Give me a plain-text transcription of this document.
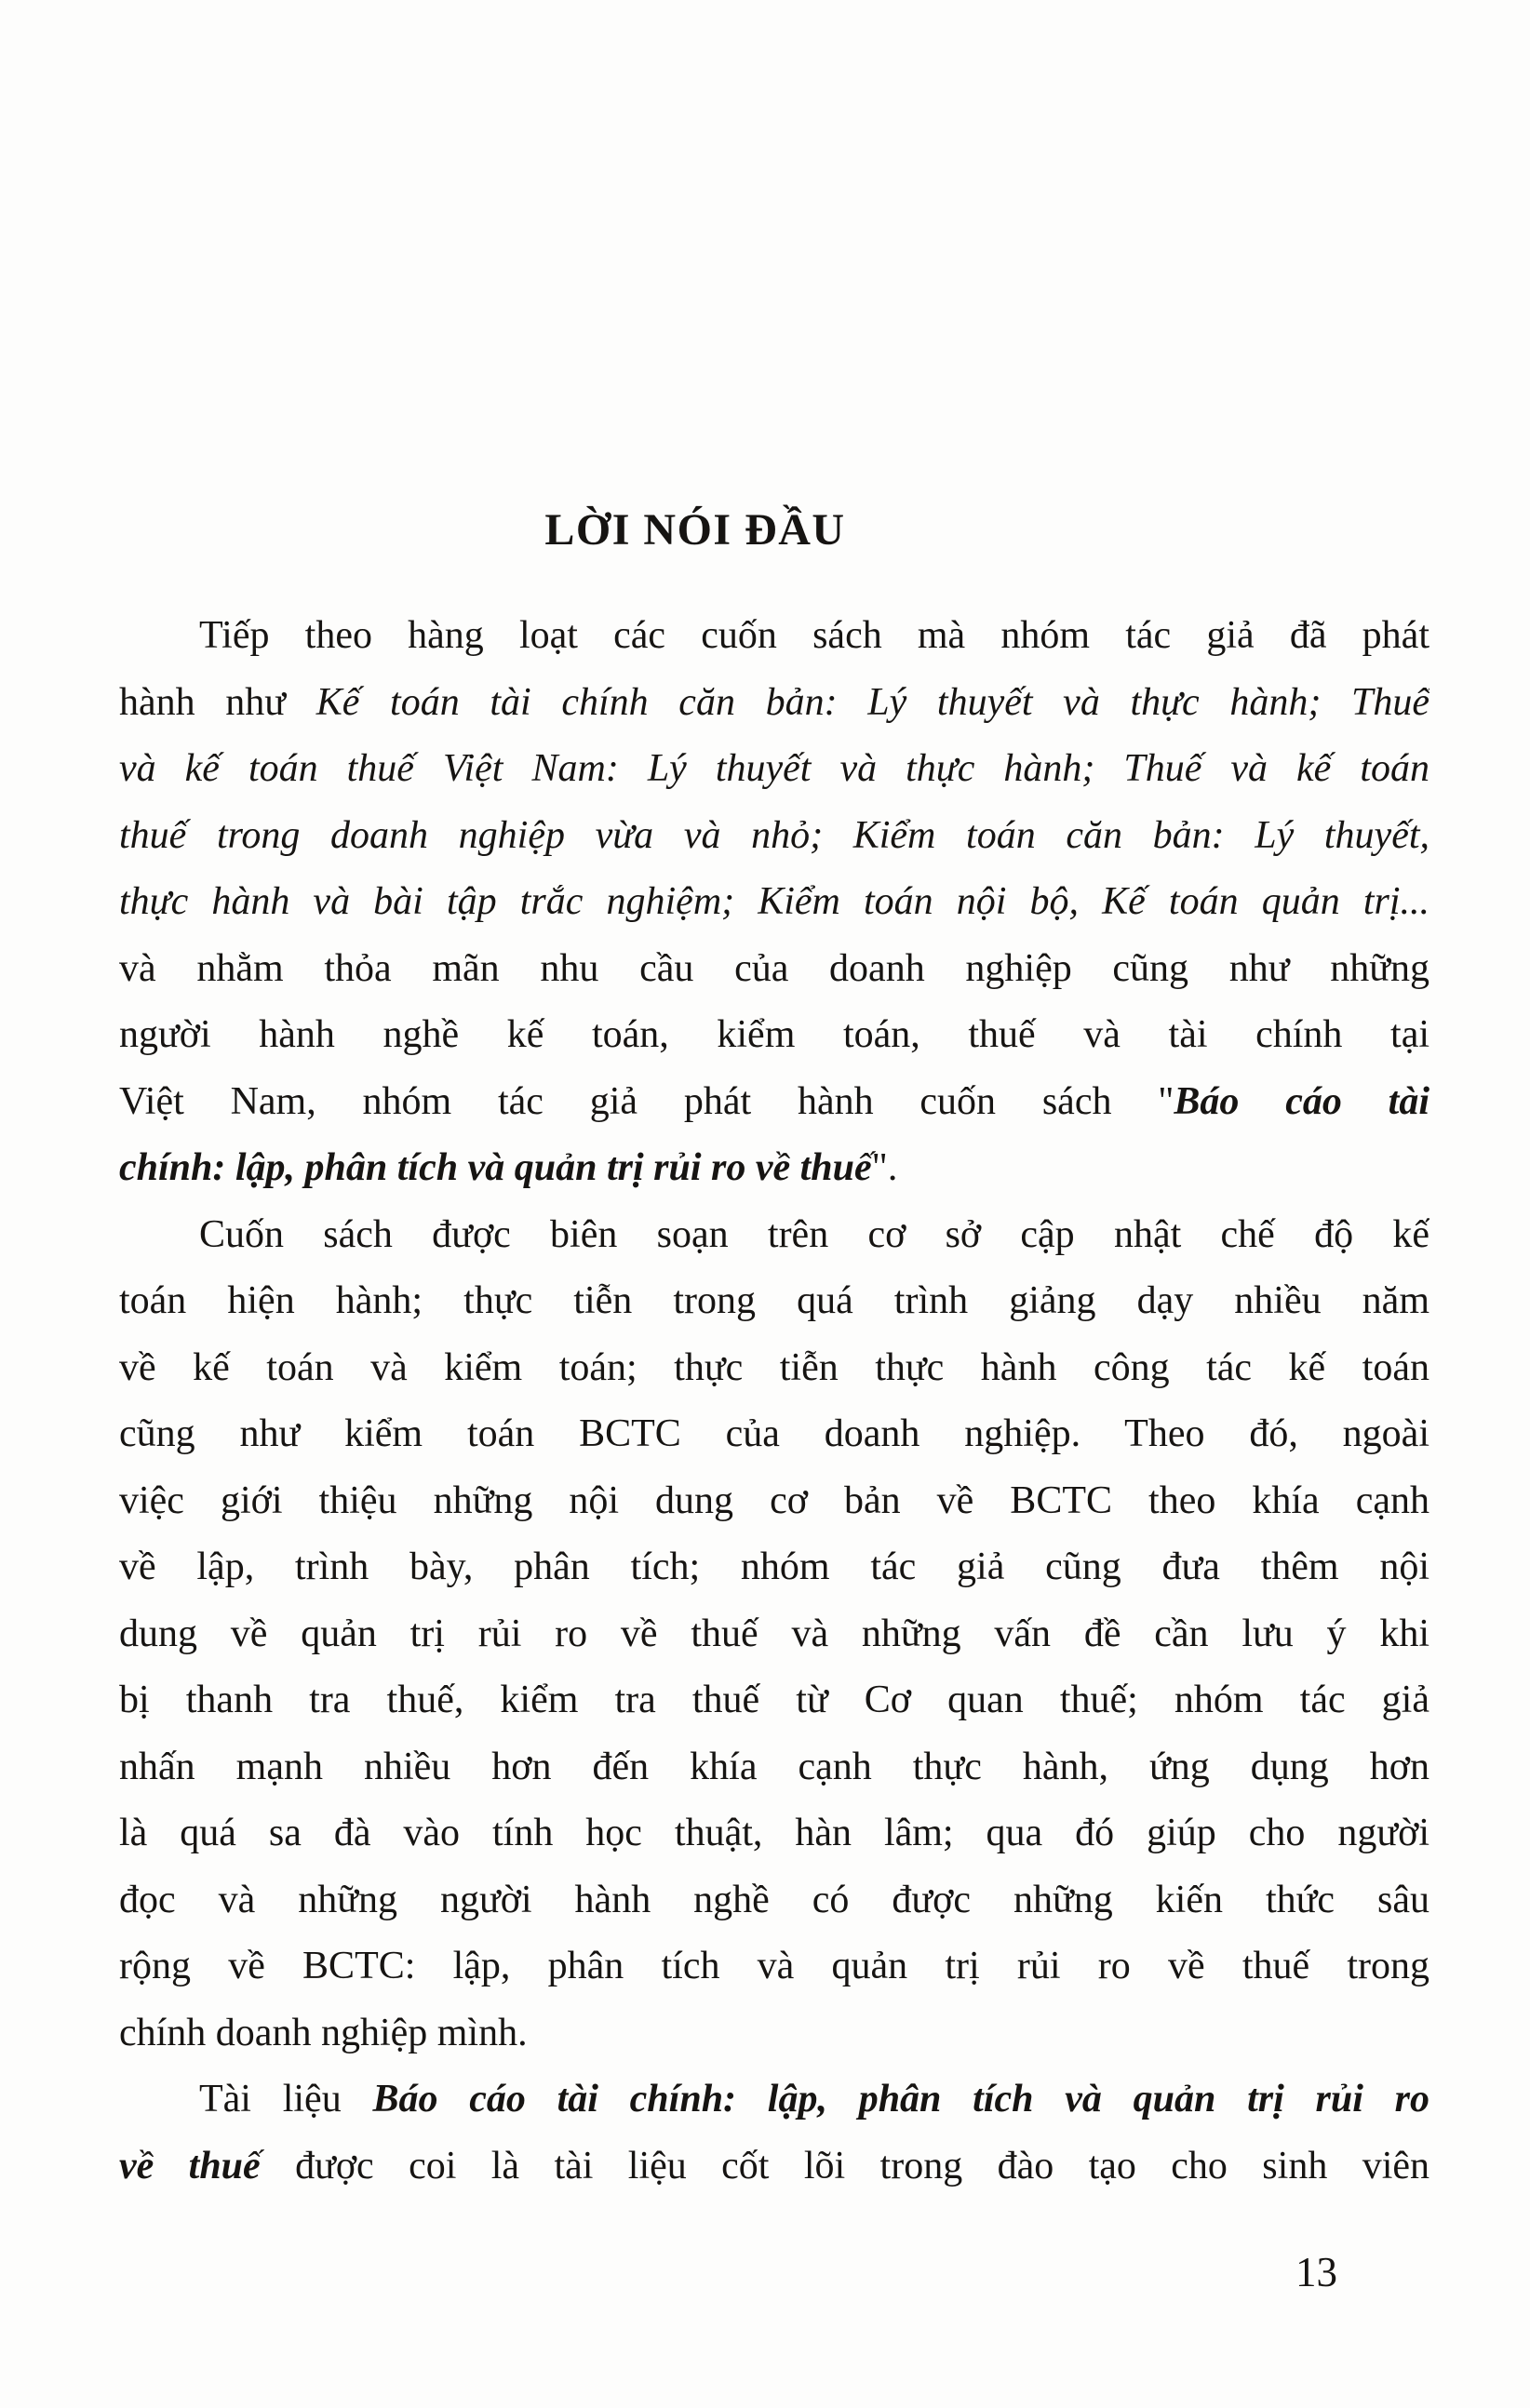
LỜI NÓI ĐẦU
Tiếp theo hàng loạt các cuốn sách mà nhóm tác giả đã phát
hành như Kế toán tài chính căn bản: Lý thuyết và thực hành; Thuế
và kế toán thuế Việt Nam: Lý thuyết và thực hành; Thuế và kế toán
thuế trong doanh nghiệp vừa và nhỏ; Kiểm toán căn bản: Lý thuyết,
thực hành và bài tập trắc nghiệm; Kiểm toán nội bộ, Kế toán quản trị...
và nhằm thỏa mãn nhu cầu của doanh nghiệp cũng như những
người hành nghề kế toán, kiểm toán, thuế và tài chính tại
Việt Nam, nhóm tác giả phát hành cuốn sách "Báo cáo tài
chính: lập, phân tích và quản trị rủi ro về thuế".
Cuốn sách được biên soạn trên cơ sở cập nhật chế độ kế
toán hiện hành; thực tiễn trong quá trình giảng dạy nhiều năm
về kế toán và kiểm toán; thực tiễn thực hành công tác kế toán
cũng như kiểm toán BCTC của doanh nghiệp. Theo đó, ngoài
việc giới thiệu những nội dung cơ bản về BCTC theo khía cạnh
về lập, trình bày, phân tích; nhóm tác giả cũng đưa thêm nội
dung về quản trị rủi ro về thuế và những vấn đề cần lưu ý khi
bị thanh tra thuế, kiểm tra thuế từ Cơ quan thuế; nhóm tác giả
nhấn mạnh nhiều hơn đến khía cạnh thực hành, ứng dụng hơn
là quá sa đà vào tính học thuật, hàn lâm; qua đó giúp cho người
đọc và những người hành nghề có được những kiến thức sâu
rộng về BCTC: lập, phân tích và quản trị rủi ro về thuế trong
chính doanh nghiệp mình.
Tài liệu Báo cáo tài chính: lập, phân tích và quản trị rủi ro
về thuế được coi là tài liệu cốt lõi trong đào tạo cho sinh viên
13
